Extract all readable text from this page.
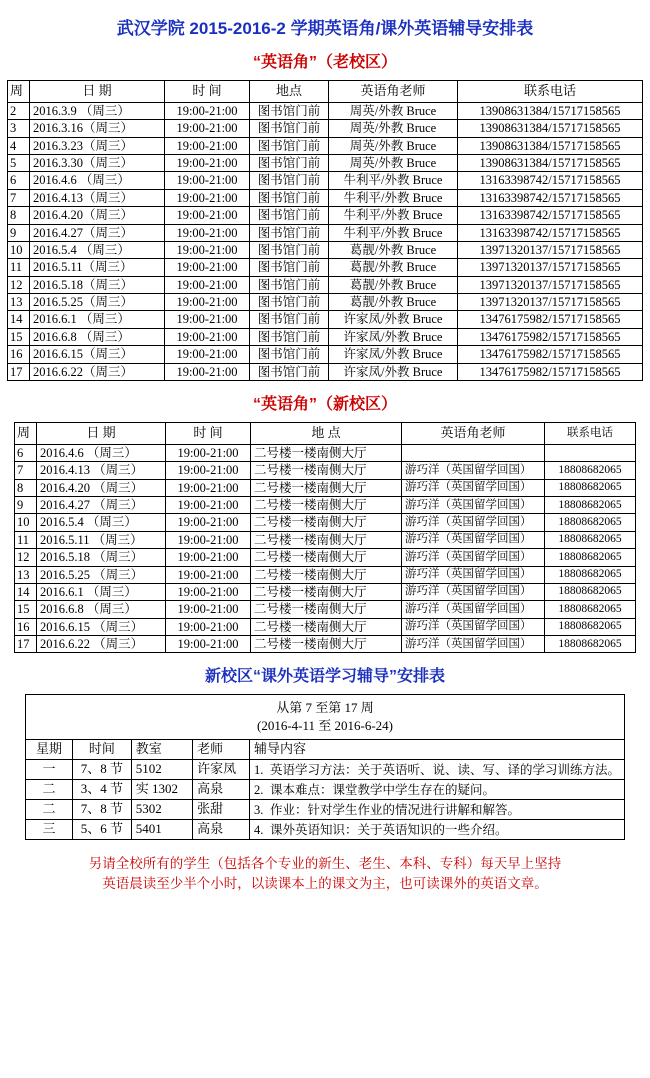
武汉学院 2015-2016-2 学期英语角/课外英语辅导安排表
“英语角”（老校区）
周	日 期	时 间	地点	英语角老师	联系电话
2	2016.3.9 （周三）	19:00-21:00	图书馆门前	周英/外教 Bruce	13908631384/15717158565
3	2016.3.16（周三）	19:00-21:00	图书馆门前	周英/外教 Bruce	13908631384/15717158565
4	2016.3.23（周三）	19:00-21:00	图书馆门前	周英/外教 Bruce	13908631384/15717158565
5	2016.3.30（周三）	19:00-21:00	图书馆门前	周英/外教 Bruce	13908631384/15717158565
6	2016.4.6 （周三）	19:00-21:00	图书馆门前	牛利平/外教 Bruce	13163398742/15717158565
7	2016.4.13（周三）	19:00-21:00	图书馆门前	牛利平/外教 Bruce	13163398742/15717158565
8	2016.4.20（周三）	19:00-21:00	图书馆门前	牛利平/外教 Bruce	13163398742/15717158565
9	2016.4.27（周三）	19:00-21:00	图书馆门前	牛利平/外教 Bruce	13163398742/15717158565
10	2016.5.4 （周三）	19:00-21:00	图书馆门前	葛靓/外教 Bruce	13971320137/15717158565
11	2016.5.11（周三）	19:00-21:00	图书馆门前	葛靓/外教 Bruce	13971320137/15717158565
12	2016.5.18（周三）	19:00-21:00	图书馆门前	葛靓/外教 Bruce	13971320137/15717158565
13	2016.5.25（周三）	19:00-21:00	图书馆门前	葛靓/外教 Bruce	13971320137/15717158565
14	2016.6.1 （周三）	19:00-21:00	图书馆门前	许家凤/外教 Bruce	13476175982/15717158565
15	2016.6.8 （周三）	19:00-21:00	图书馆门前	许家凤/外教 Bruce	13476175982/15717158565
16	2016.6.15（周三）	19:00-21:00	图书馆门前	许家凤/外教 Bruce	13476175982/15717158565
17	2016.6.22（周三）	19:00-21:00	图书馆门前	许家凤/外教 Bruce	13476175982/15717158565
“英语角”（新校区）
周	日 期	时 间	地 点	英语角老师	联系电话
6	2016.4.6 （周三）	19:00-21:00	二号楼一楼南侧大厅		
7	2016.4.13 （周三）	19:00-21:00	二号楼一楼南侧大厅	游巧洋（英国留学回国）	18808682065
8	2016.4.20 （周三）	19:00-21:00	二号楼一楼南侧大厅	游巧洋（英国留学回国）	18808682065
9	2016.4.27 （周三）	19:00-21:00	二号楼一楼南侧大厅	游巧洋（英国留学回国）	18808682065
10	2016.5.4 （周三）	19:00-21:00	二号楼一楼南侧大厅	游巧洋（英国留学回国）	18808682065
11	2016.5.11 （周三）	19:00-21:00	二号楼一楼南侧大厅	游巧洋（英国留学回国）	18808682065
12	2016.5.18 （周三）	19:00-21:00	二号楼一楼南侧大厅	游巧洋（英国留学回国）	18808682065
13	2016.5.25 （周三）	19:00-21:00	二号楼一楼南侧大厅	游巧洋（英国留学回国）	18808682065
14	2016.6.1 （周三）	19:00-21:00	二号楼一楼南侧大厅	游巧洋（英国留学回国）	18808682065
15	2016.6.8 （周三）	19:00-21:00	二号楼一楼南侧大厅	游巧洋（英国留学回国）	18808682065
16	2016.6.15 （周三）	19:00-21:00	二号楼一楼南侧大厅	游巧洋（英国留学回国）	18808682065
17	2016.6.22 （周三）	19:00-21:00	二号楼一楼南侧大厅	游巧洋（英国留学回国）	18808682065
新校区“课外英语学习辅导”安排表
从第 7 至第 17 周
(2016-4-11 至 2016-6-24)				

星期	时间	教室	老师	辅导内容
一	7、8 节	5102	许家凤	1. 英语学习方法：关于英语听、说、读、写、译的学习训练方法。
二	3、4 节	实 1302	高泉	2. 课本难点：课堂教学中学生存在的疑问。
二	7、8 节	5302	张甜	3. 作业：针对学生作业的情况进行讲解和解答。
三	5、6 节	5401	高泉	4. 课外英语知识：关于英语知识的一些介绍。
另请全校所有的学生（包括各个专业的新生、老生、本科、专科）每天早上坚持
英语晨读至少半个小时，以读课本上的课文为主，也可读课外的英语文章。
